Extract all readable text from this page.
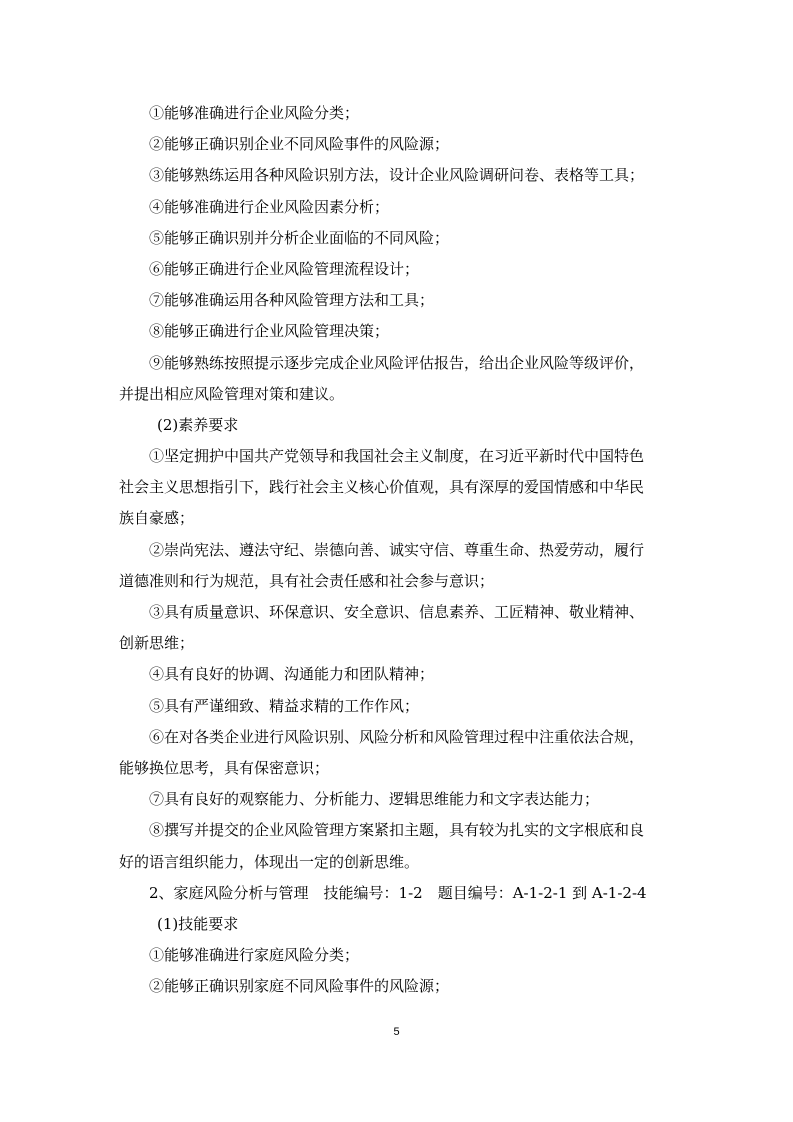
①能够准确进行企业风险分类；
②能够正确识别企业不同风险事件的风险源；
③能够熟练运用各种风险识别方法，设计企业风险调研问卷、表格等工具；
④能够准确进行企业风险因素分析；
⑤能够正确识别并分析企业面临的不同风险；
⑥能够正确进行企业风险管理流程设计；
⑦能够准确运用各种风险管理方法和工具；
⑧能够正确进行企业风险管理决策；
⑨能够熟练按照提示逐步完成企业风险评估报告，给出企业风险等级评价，
并提出相应风险管理对策和建议。
(2)素养要求
①坚定拥护中国共产党领导和我国社会主义制度，在习近平新时代中国特色
社会主义思想指引下，践行社会主义核心价值观，具有深厚的爱国情感和中华民
族自豪感；
②崇尚宪法、遵法守纪、崇德向善、诚实守信、尊重生命、热爱劳动，履行
道德准则和行为规范，具有社会责任感和社会参与意识；
③具有质量意识、环保意识、安全意识、信息素养、工匠精神、敬业精神、
创新思维；
④具有良好的协调、沟通能力和团队精神；
⑤具有严谨细致、精益求精的工作作风；
⑥在对各类企业进行风险识别、风险分析和风险管理过程中注重依法合规，
能够换位思考，具有保密意识；
⑦具有良好的观察能力、分析能力、逻辑思维能力和文字表达能力；
⑧撰写并提交的企业风险管理方案紧扣主题，具有较为扎实的文字根底和良
好的语言组织能力，体现出一定的创新思维。
2、家庭风险分析与管理　技能编号：1-2　题目编号：A-1-2-1 到 A-1-2-4
(1)技能要求
①能够准确进行家庭风险分类；
②能够正确识别家庭不同风险事件的风险源；
5
